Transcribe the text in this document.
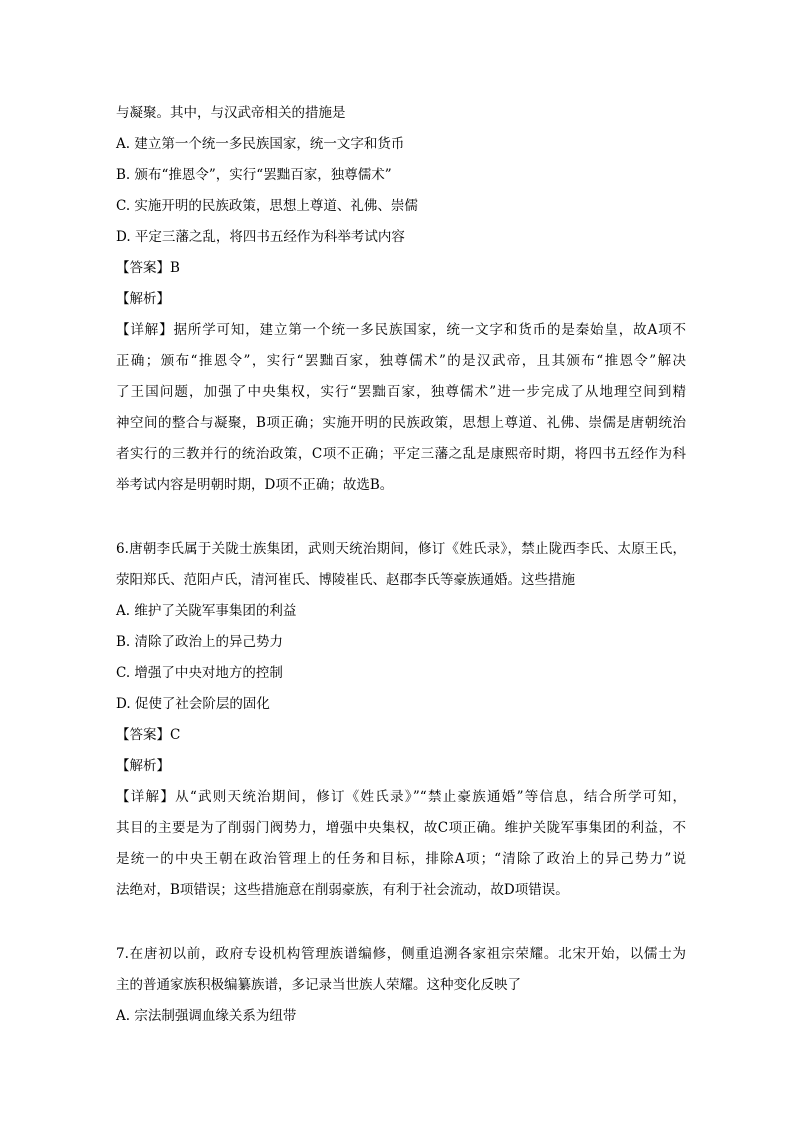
与凝聚。其中，与汉武帝相关的措施是
A. 建立第一个统一多民族国家，统一文字和货币
B. 颁布“推恩令”，实行“罢黜百家，独尊儒术”
C. 实施开明的民族政策，思想上尊道、礼佛、崇儒
D. 平定三藩之乱，将四书五经作为科举考试内容
【答案】B
【解析】
【详解】据所学可知，建立第一个统一多民族国家，统一文字和货币的是秦始皇，故A项不
正确；颁布“推恩令”，实行“罢黜百家，独尊儒术”的是汉武帝，且其颁布“推恩令”解决
了王国问题，加强了中央集权，实行“罢黜百家，独尊儒术”进一步完成了从地理空间到精
神空间的整合与凝聚，B项正确；实施开明的民族政策，思想上尊道、礼佛、崇儒是唐朝统治
者实行的三教并行的统治政策，C项不正确；平定三藩之乱是康熙帝时期，将四书五经作为科
举考试内容是明朝时期，D项不正确；故选B。
6.唐朝李氏属于关陇士族集团，武则天统治期间，修订《姓氏录》，禁止陇西李氏、太原王氏，
荥阳郑氏、范阳卢氏，清河崔氏、博陵崔氏、赵郡李氏等豪族通婚。这些措施
A. 维护了关陇军事集团的利益
B. 清除了政治上的异己势力
C. 增强了中央对地方的控制
D. 促使了社会阶层的固化
【答案】C
【解析】
【详解】从“武则天统治期间，修订《姓氏录》”“禁止豪族通婚”等信息，结合所学可知，
其目的主要是为了削弱门阀势力，增强中央集权，故C项正确。维护关陇军事集团的利益，不
是统一的中央王朝在政治管理上的任务和目标，排除A项；“清除了政治上的异己势力”说
法绝对，B项错误；这些措施意在削弱豪族，有利于社会流动，故D项错误。
7.在唐初以前，政府专设机构管理族谱编修，侧重追溯各家祖宗荣耀。北宋开始，以儒士为
主的普通家族积极编纂族谱，多记录当世族人荣耀。这种变化反映了
A. 宗法制强调血缘关系为纽带
